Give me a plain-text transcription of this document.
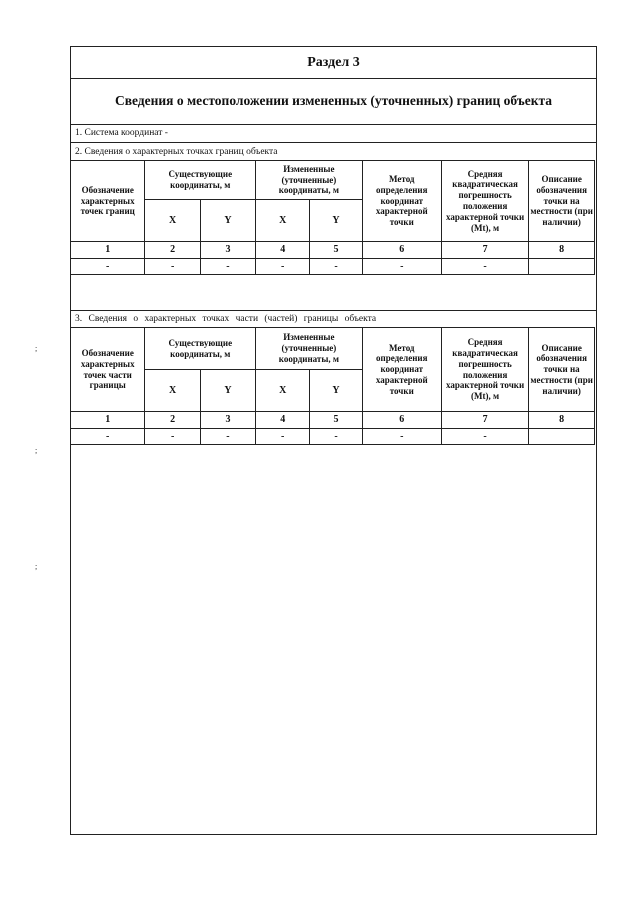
;
;
;
Раздел 3
Сведения о местоположении измененных (уточненных) границ объекта
1. Система координат -
2. Сведения о характерных точках границ объекта
Обозначение характерных точек границ	Существующие координаты, м		Измененные (уточненные) координаты, м		Метод определения координат характерной точки	Средняя квадратическая погрешность положения характерной точки (Mt), м	Описание обозначения точки на местности (при наличии)
	X	Y	X	Y			
1	2	3	4	5	6	7	8
-	-	-	-	-	-	-	
3. Сведения о характерных точках части (частей) границы объекта
Обозначение характерных точек части границы	Существующие координаты, м		Измененные (уточненные) координаты, м		Метод определения координат характерной точки	Средняя квадратическая погрешность положения характерной точки (Mt), м	Описание обозначения точки на местности (при наличии)
	X	Y	X	Y			
1	2	3	4	5	6	7	8
-	-	-	-	-	-	-	
